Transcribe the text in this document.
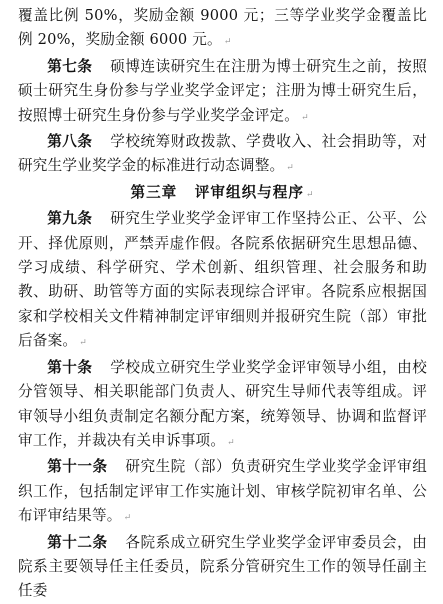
覆盖比例 50%，奖励金额 9000 元；三等学业奖学金覆盖比例 20%，奖励金额 6000 元。 ↵

第七条 硕博连读研究生在注册为博士研究生之前，按照硕士研究生身份参与学业奖学金评定；注册为博士研究生后，按照博士研究生身份参与学业奖学金评定。 ↵

第八条 学校统筹财政拨款、学费收入、社会捐助等，对研究生学业奖学金的标准进行动态调整。 ↵

第三章 评审组织与程序 ↵

第九条 研究生学业奖学金评审工作坚持公正、公平、公开、择优原则，严禁弄虚作假。各院系依据研究生思想品德、学习成绩、科学研究、学术创新、组织管理、社会服务和助教、助研、助管等方面的实际表现综合评审。各院系应根据国家和学校相关文件精神制定评审细则并报研究生院（部）审批后备案。 ↵

第十条 学校成立研究生学业奖学金评审领导小组，由校分管领导、相关职能部门负责人、研究生导师代表等组成。评审领导小组负责制定名额分配方案，统筹领导、协调和监督评审工作，并裁决有关申诉事项。 ↵

第十一条 研究生院（部）负责研究生学业奖学金评审组织工作，包括制定评审工作实施计划、审核学院初审名单、公布评审结果等。 ↵

第十二条 各院系成立研究生学业奖学金评审委员会，由院系主要领导任主任委员，院系分管研究生工作的领导任副主任委
